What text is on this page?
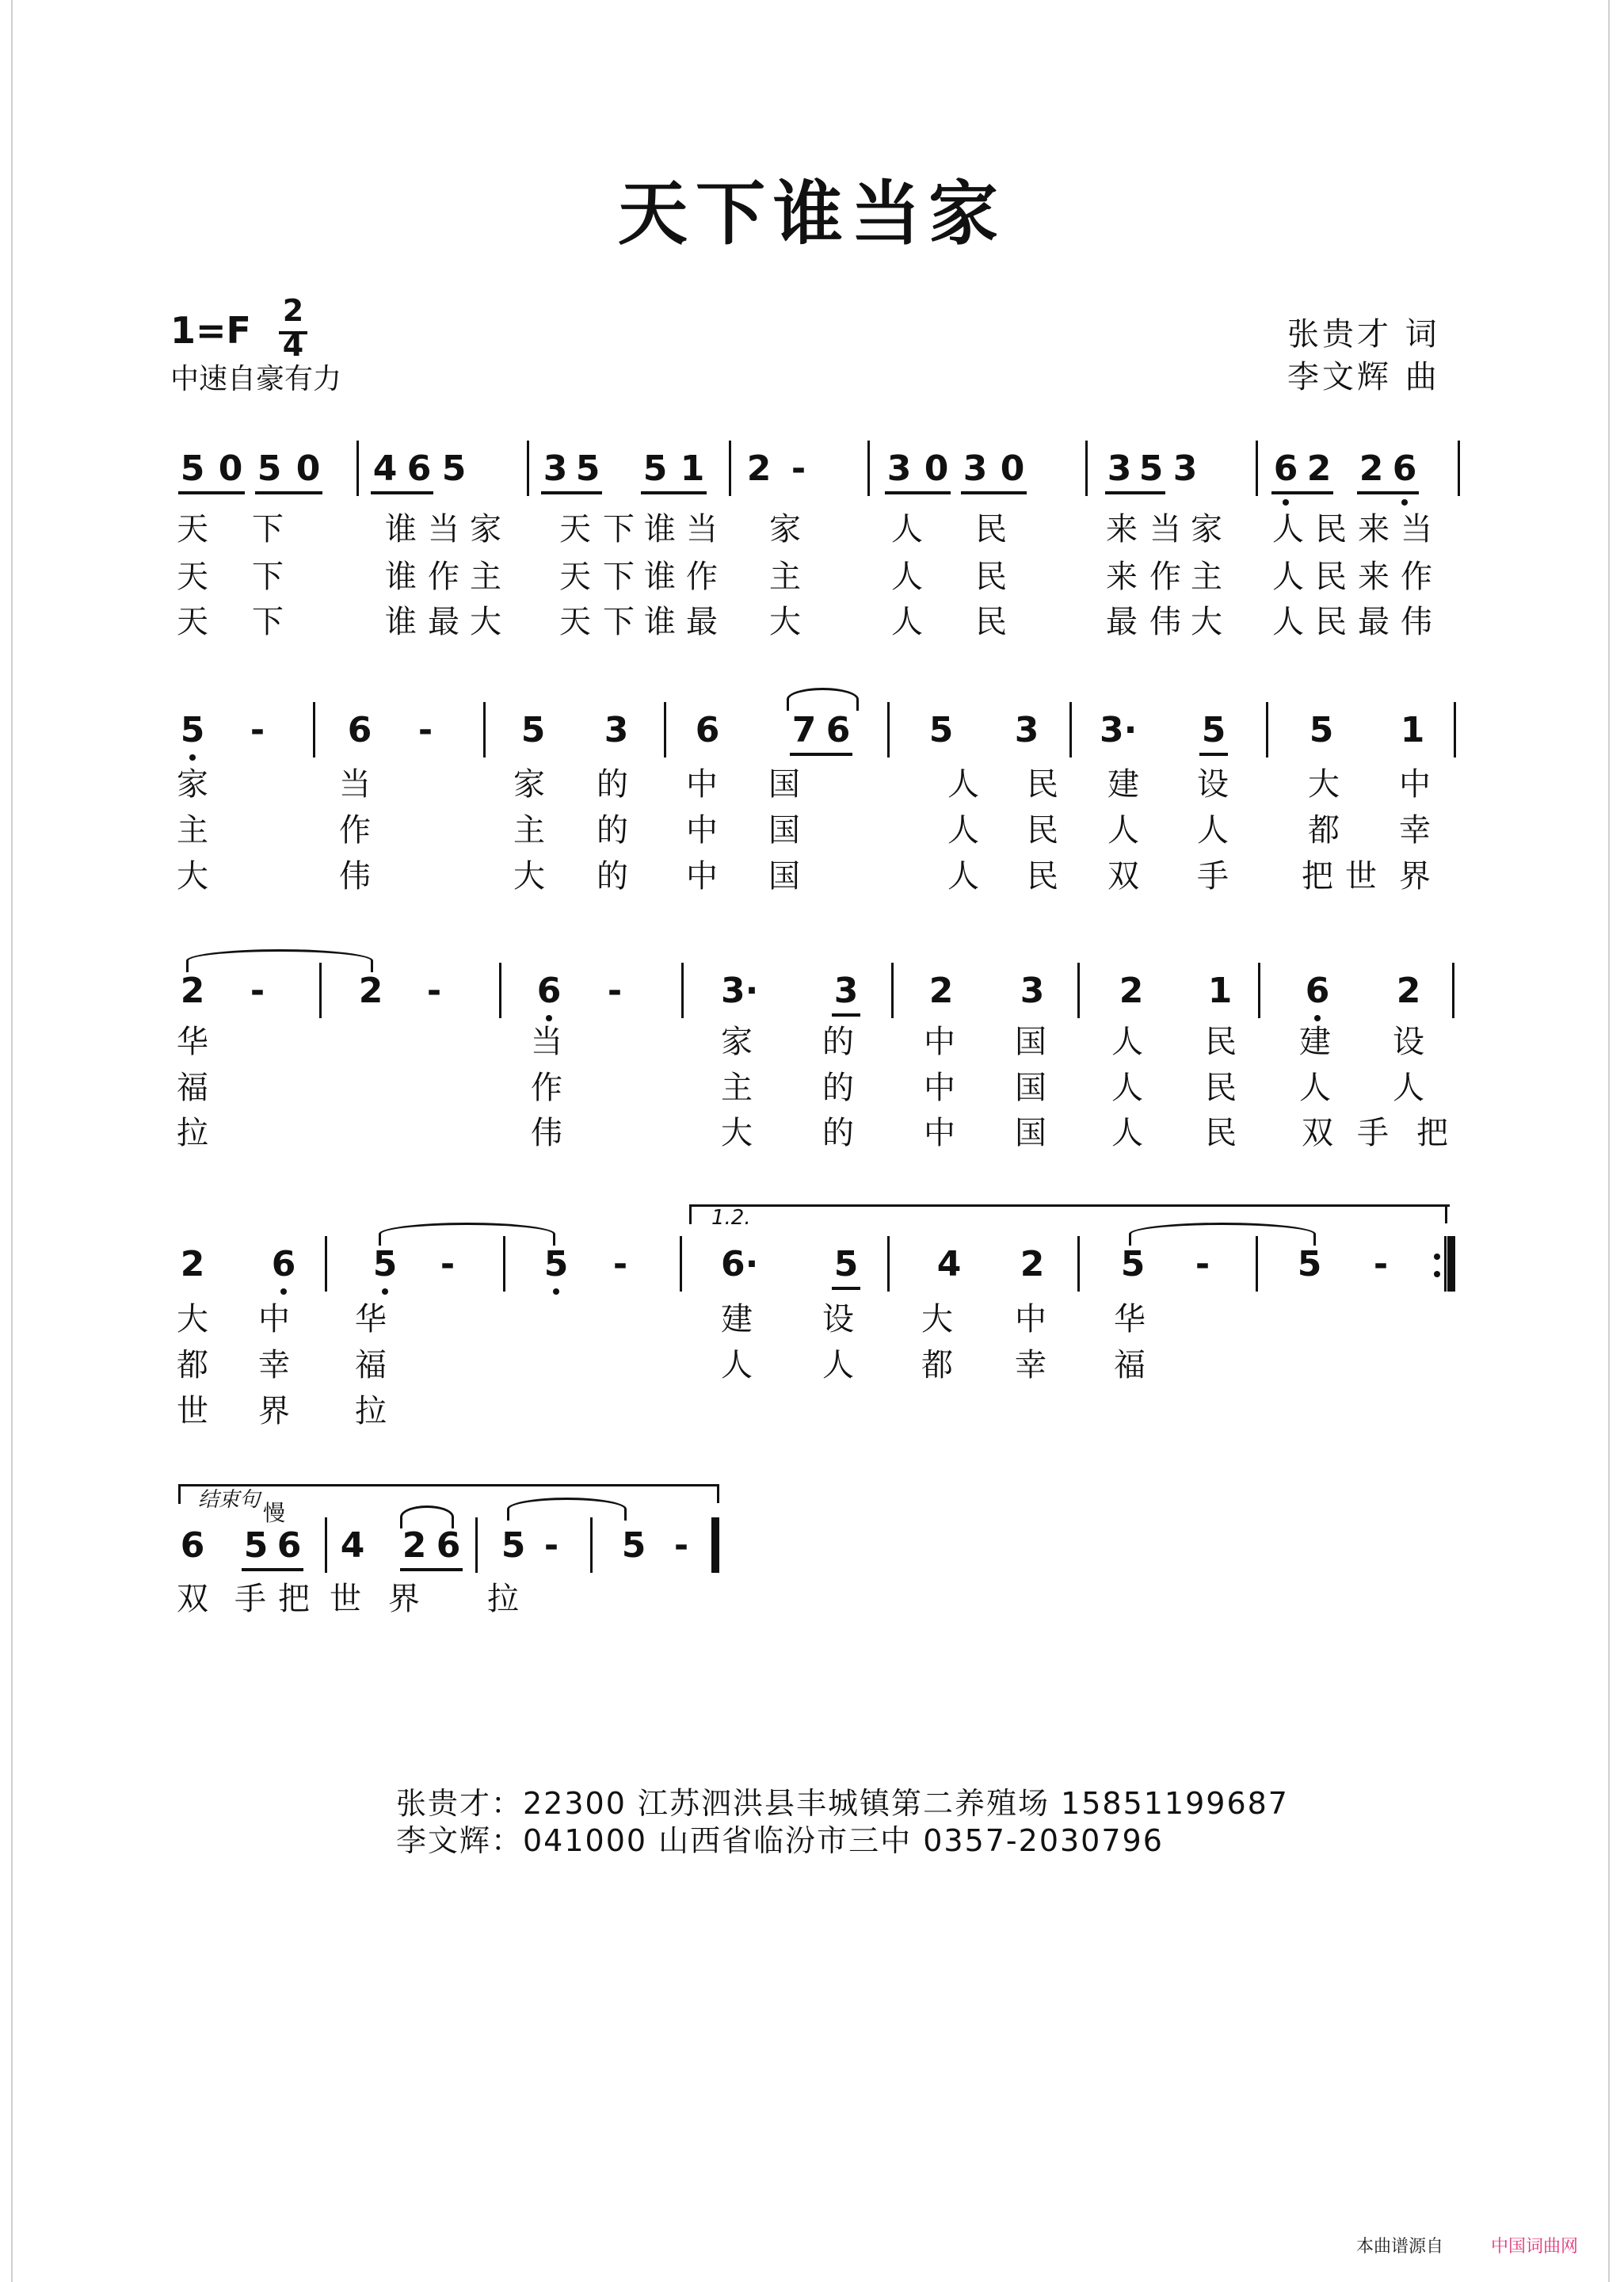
天下谁当家
1=F 2
4
中速自豪有力
张贵才 词
李文辉 曲
5 0 5 0 4 6 5 3 5 5 1 2 - 3 0 3 0 3 5 3 6 2 2 6
天 下	谁 当 家 天 下 谁 当 家	人 民	来 当 家 人 民 来 当
天 下	谁 作 主 天 下 谁 作 主	人 民	来 作 主 人 民 来 作
天 下	谁 最 大 天 下 谁 最 大	人 民	最 伟 大 人 民 最 伟
5 - 6 -	5 3 6 7 6 5 3 3· 5 5 1
家	当	家 的 中 国	人 民 建 设	大 中
主	作	主 的 中 国	人 民 人 人	都 幸
大	伟	大 的 中 国	人 民 双 手 把 世 界
2 -	2 -	6 -	3· 3 2 3 2 1 6 2
华	当	家 的 中 国 人 民 建 设
福	作	主 的 中 国 人 民 人 人
拉	伟	大 的 中 国 人 民 双 手 把
2 6 5 -	5 -	6· 5 4 2 5 -	5 -
大 中 华	建 设 大 中 华
都 幸 福	人 人 都 幸 福
世 界 拉
6 5 6 4 2 6 5 - 5 -
双 手 把 世 界 拉
1.2.
结束句 慢
张贵才：22300 江苏泗洪县丰城镇第二养殖场 15851199687
李文辉：041000 山西省临汾市三中 0357-2030796
本曲谱源自	中国词曲网
